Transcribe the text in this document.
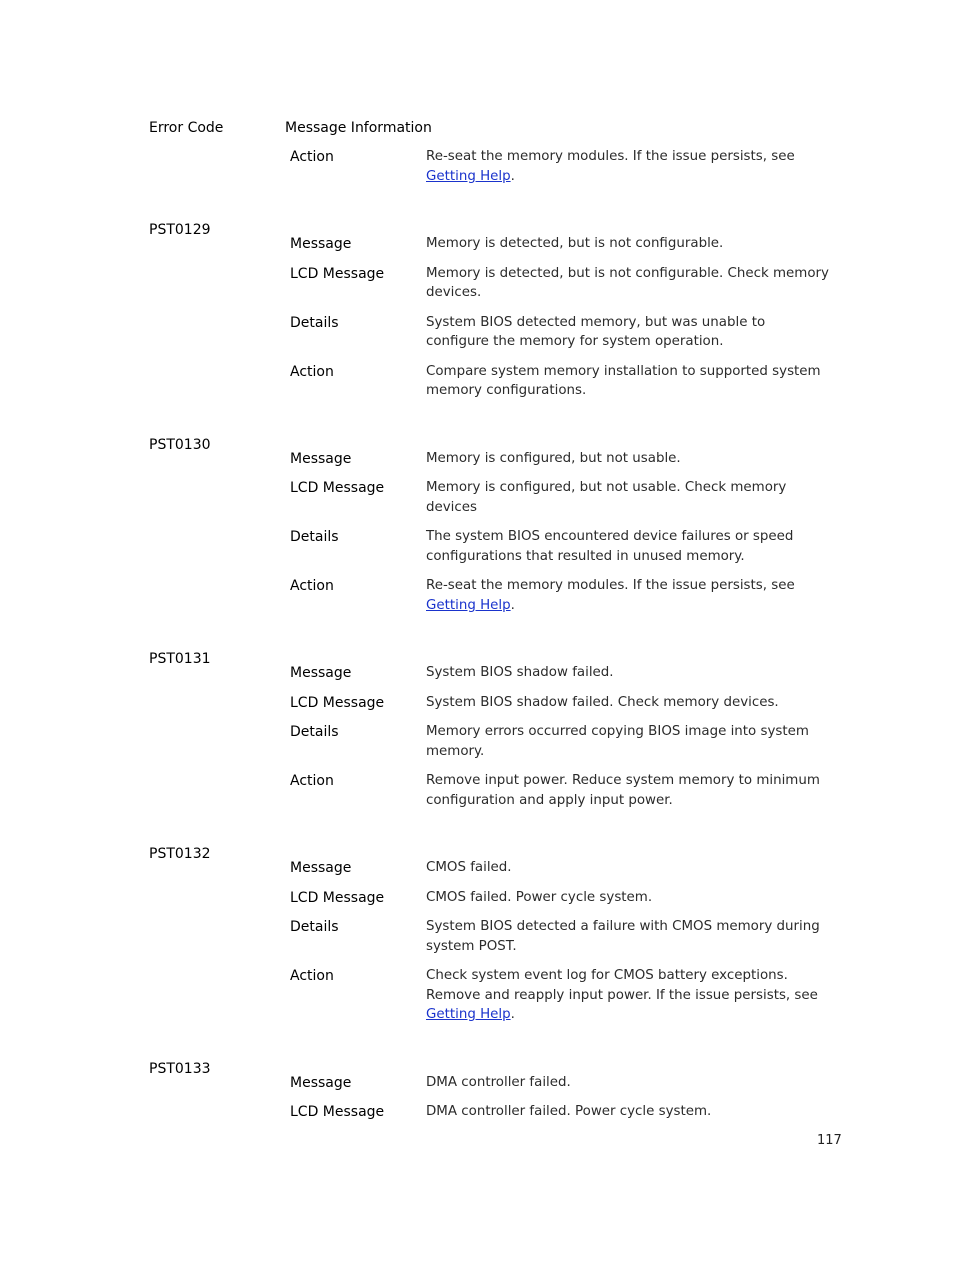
Error Code	Message Information
Action	Re-seat the memory modules. If the issue persists, see Getting Help.
PST0129
Message	Memory is detected, but is not configurable.
LCD Message	Memory is detected, but is not configurable. Check memory devices.
Details	System BIOS detected memory, but was unable to configure the memory for system operation.
Action	Compare system memory installation to supported system memory configurations.
PST0130
Message	Memory is configured, but not usable.
LCD Message	Memory is configured, but not usable. Check memory devices
Details	The system BIOS encountered device failures or speed configurations that resulted in unused memory.
Action	Re-seat the memory modules. If the issue persists, see Getting Help.
PST0131
Message	System BIOS shadow failed.
LCD Message	System BIOS shadow failed. Check memory devices.
Details	Memory errors occurred copying BIOS image into system memory.
Action	Remove input power. Reduce system memory to minimum configuration and apply input power.
PST0132
Message	CMOS failed.
LCD Message	CMOS failed. Power cycle system.
Details	System BIOS detected a failure with CMOS memory during system POST.
Action	Check system event log for CMOS battery exceptions. Remove and reapply input power. If the issue persists, see Getting Help.
PST0133
Message	DMA controller failed.
LCD Message	DMA controller failed. Power cycle system.
117
